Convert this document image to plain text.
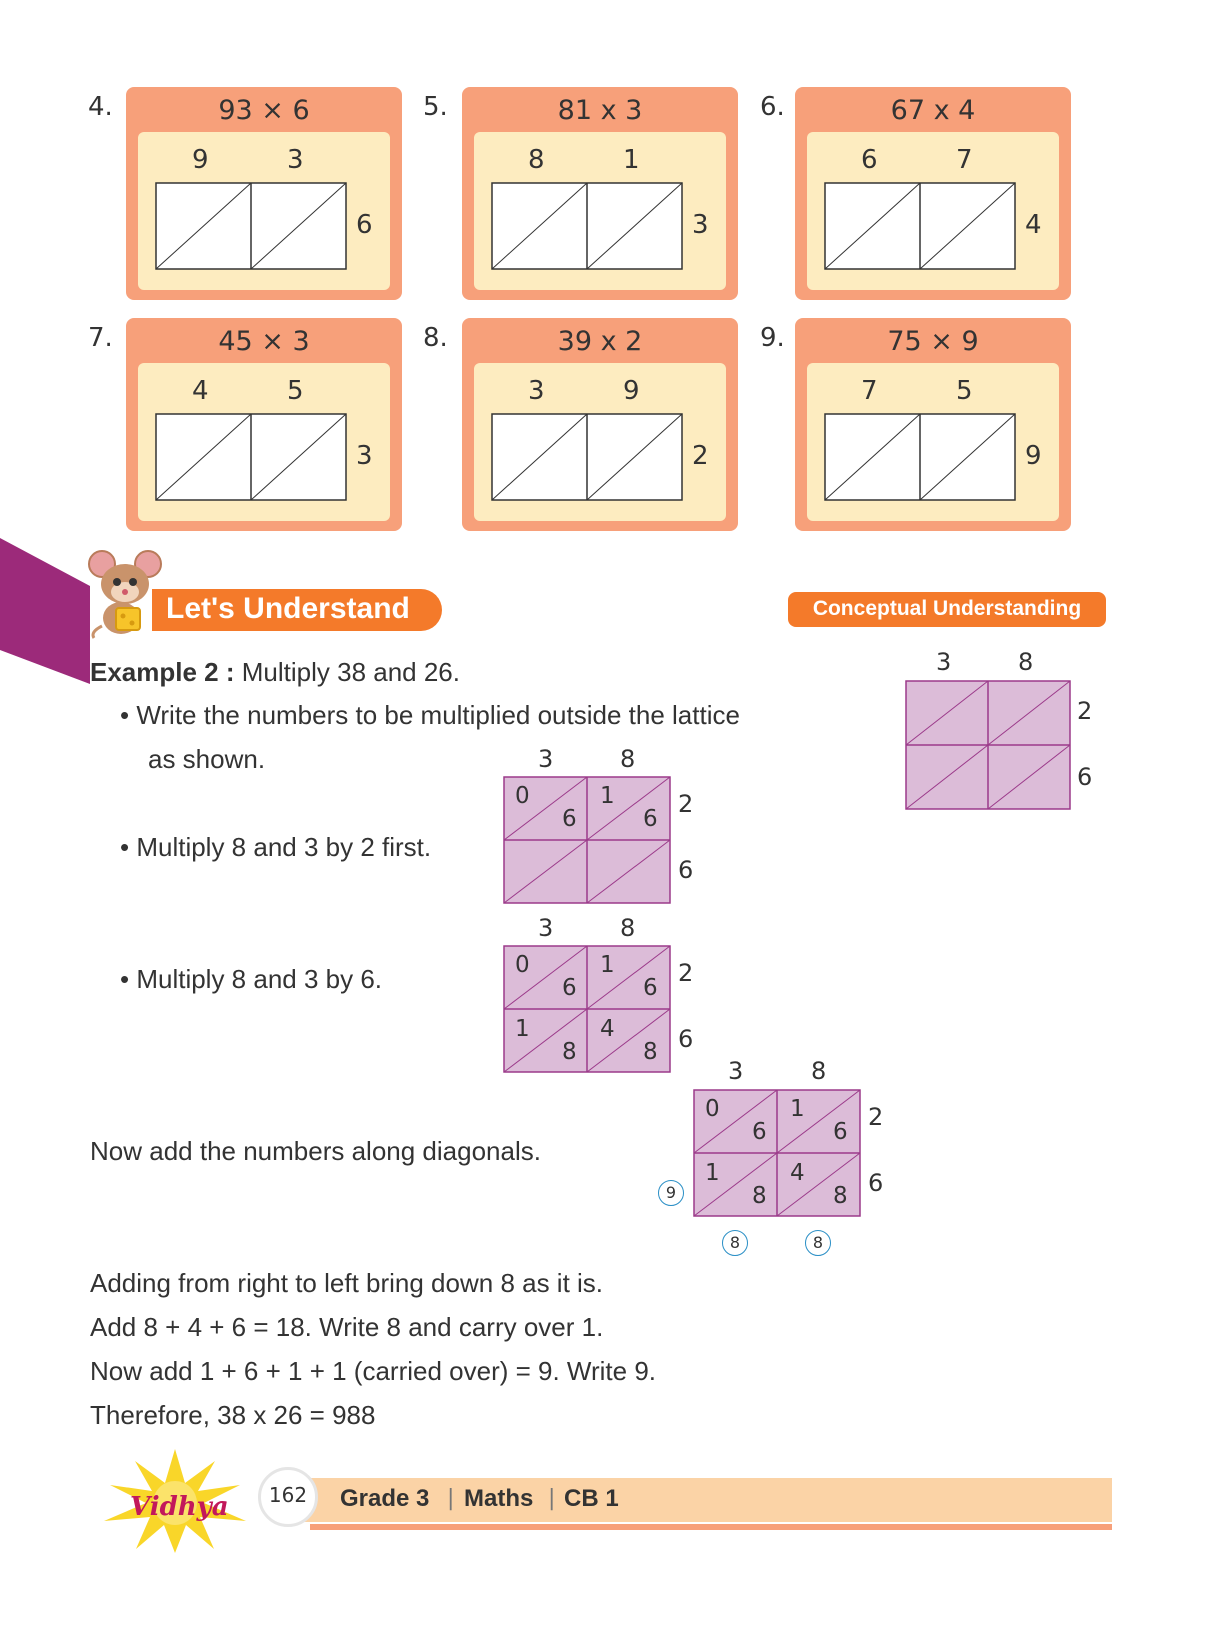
4.	93 × 6
9	3
6
5.	81 x 3
8	1
3
6.	67 x 4
6	7
4
7.	45 × 3
4	5
3
8.	39 x 2
3	9
2
9.	75 × 9
7	5
9
Let's Understand	Conceptual Understanding
Example 2 : Multiply 38 and 26.
• Write the numbers to be multiplied outside the lattice
as shown.
• Multiply 8 and 3 by 2 first.
• Multiply 8 and 3 by 6.
Now add the numbers along diagonals.
3	8
2
6
3	8
0
6
1
6
2
6
3	8
0
6
1
6
1
8
4
8
2
6
3	8
0
6
1
6
1
8
4
8
2
6
9
8	8
Adding from right to left bring down 8 as it is.
Add 8 + 4 + 6 = 18. Write 8 and carry over 1.
Now add 1 + 6 + 1 + 1 (carried over) = 9. Write 9.
Therefore, 38 x 26 = 988
Vidhya	162	Grade 3 | Maths | CB 1
